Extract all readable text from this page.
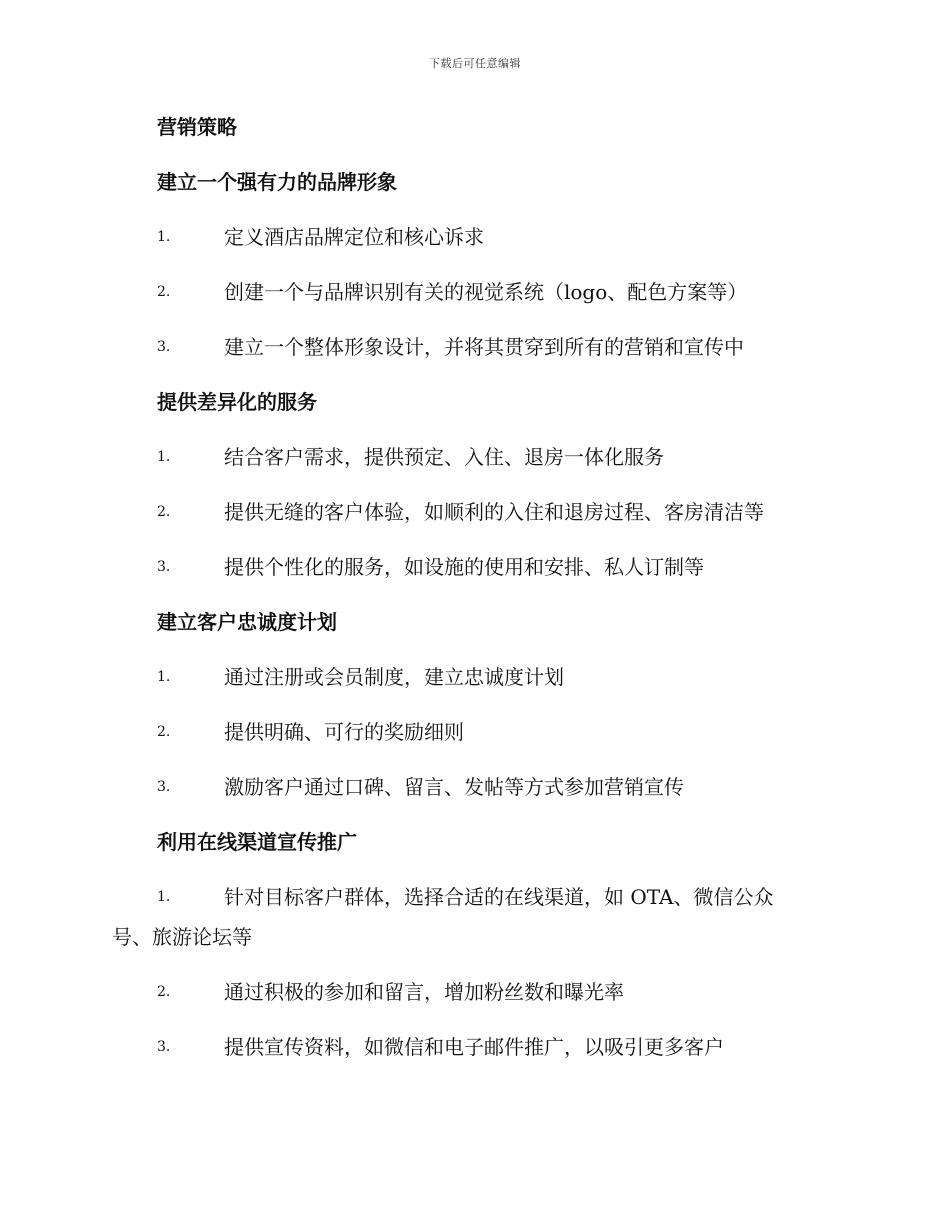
下载后可任意编辑
营销策略
建立一个强有力的品牌形象
1.	定义酒店品牌定位和核心诉求
2.	创建一个与品牌识别有关的视觉系统（logo、配色方案等）
3.	建立一个整体形象设计，并将其贯穿到所有的营销和宣传中
提供差异化的服务
1.	结合客户需求，提供预定、入住、退房一体化服务
2.	提供无缝的客户体验，如顺利的入住和退房过程、客房清洁等
3.	提供个性化的服务，如设施的使用和安排、私人订制等
建立客户忠诚度计划
1.	通过注册或会员制度，建立忠诚度计划
2.	提供明确、可行的奖励细则
3.	激励客户通过口碑、留言、发帖等方式参加营销宣传
利用在线渠道宣传推广
1.	针对目标客户群体，选择合适的在线渠道，如 OTA、微信公众
号、旅游论坛等
2.	通过积极的参加和留言，增加粉丝数和曝光率
3.	提供宣传资料，如微信和电子邮件推广，以吸引更多客户
